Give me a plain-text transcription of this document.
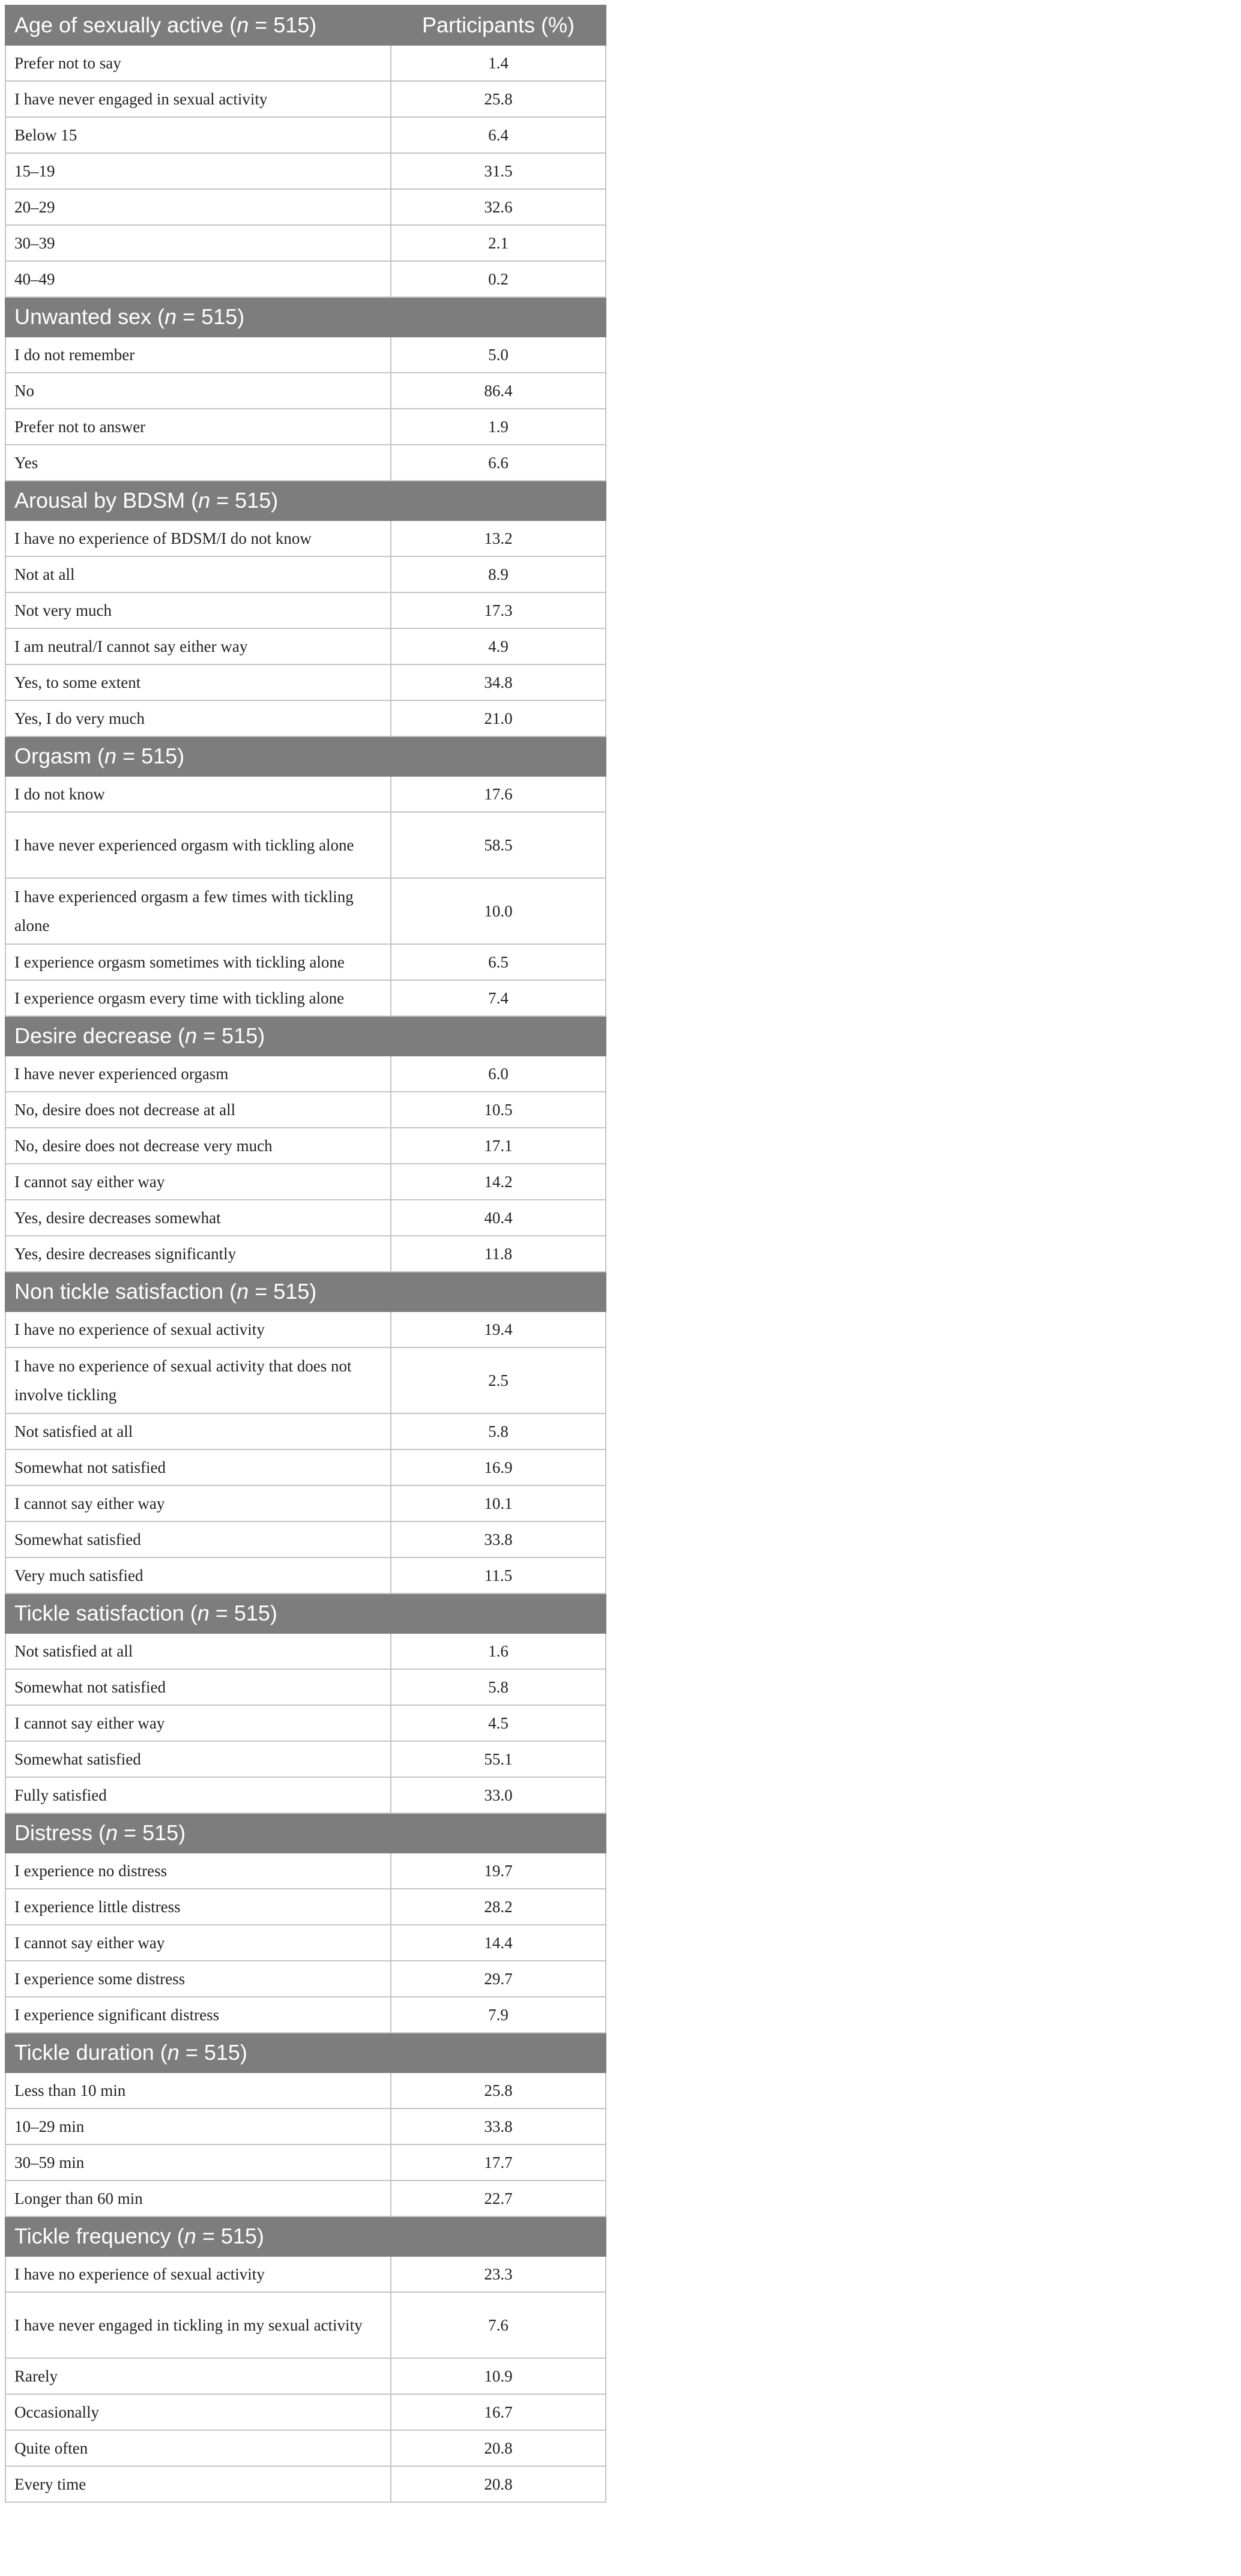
Age of sexually active (n = 515)	Participants (%)
Prefer not to say	1.4
I have never engaged in sexual activity	25.8
Below 15	6.4
15–19	31.5
20–29	32.6
30–39	2.1
40–49	0.2
Unwanted sex (n = 515)	
I do not remember	5.0
No	86.4
Prefer not to answer	1.9
Yes	6.6
Arousal by BDSM (n = 515)	
I have no experience of BDSM/I do not know	13.2
Not at all	8.9
Not very much	17.3
I am neutral/I cannot say either way	4.9
Yes, to some extent	34.8
Yes, I do very much	21.0
Orgasm (n = 515)	
I do not know	17.6
I have never experienced orgasm with tickling alone	58.5
I have experienced orgasm a few times with tickling alone	10.0
I experience orgasm sometimes with tickling alone	6.5
I experience orgasm every time with tickling alone	7.4
Desire decrease (n = 515)	
I have never experienced orgasm	6.0
No, desire does not decrease at all	10.5
No, desire does not decrease very much	17.1
I cannot say either way	14.2
Yes, desire decreases somewhat	40.4
Yes, desire decreases significantly	11.8
Non tickle satisfaction (n = 515)	
I have no experience of sexual activity	19.4
I have no experience of sexual activity that does not involve tickling	2.5
Not satisfied at all	5.8
Somewhat not satisfied	16.9
I cannot say either way	10.1
Somewhat satisfied	33.8
Very much satisfied	11.5
Tickle satisfaction (n = 515)	
Not satisfied at all	1.6
Somewhat not satisfied	5.8
I cannot say either way	4.5
Somewhat satisfied	55.1
Fully satisfied	33.0
Distress (n = 515)	
I experience no distress	19.7
I experience little distress	28.2
I cannot say either way	14.4
I experience some distress	29.7
I experience significant distress	7.9
Tickle duration (n = 515)	
Less than 10 min	25.8
10–29 min	33.8
30–59 min	17.7
Longer than 60 min	22.7
Tickle frequency (n = 515)	
I have no experience of sexual activity	23.3
I have never engaged in tickling in my sexual activity	7.6
Rarely	10.9
Occasionally	16.7
Quite often	20.8
Every time	20.8
